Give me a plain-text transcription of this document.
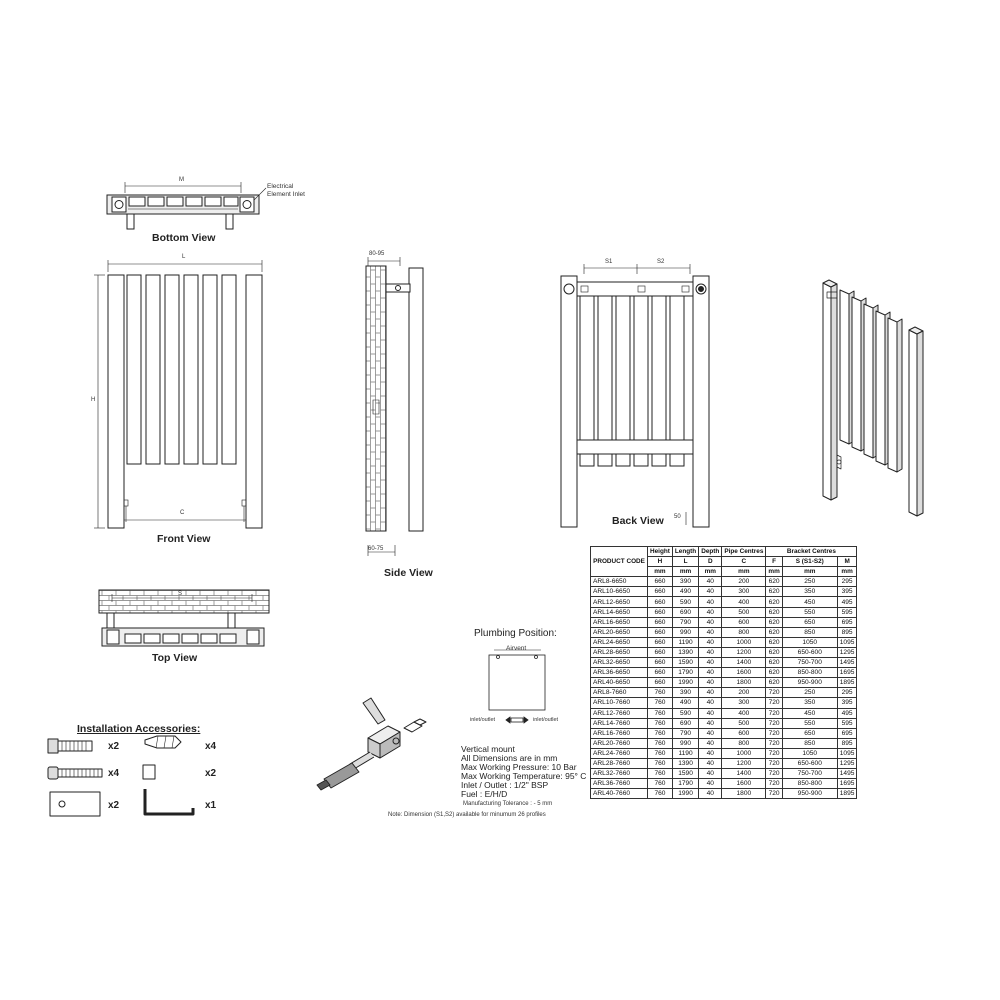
Bottom View
Front View
Side View
Back View
Top View
M
Electrical
Element Inlet
L
H
C
80-95
60-75
S1	S2
50
S
Plumbing Position:
Airvent
inlet/outlet	inlet/outlet
Vertical mount
All Dimensions are in mm
Max Working Pressure: 10 Bar
Max Working Temperature: 95° C
Inlet / Outlet : 1/2" BSP
Fuel : E/H/D
Manufacturing Tolerance : - 5 mm
Note: Dimension (S1,S2) available for minumum 26 profiles
Installation Accessories:
x2
x4
x2
x4
x2
x1
PRODUCT CODE	Height	Length	Depth	Pipe Centres	Bracket Centres		
	H	L	D	C	F	S (S1-S2)	M
	mm	mm	mm	mm	mm	mm	mm
ARL8-6650	660	390	40	200	620	250	295
ARL10-6650	660	490	40	300	620	350	395
ARL12-6650	660	590	40	400	620	450	495
ARL14-6650	660	690	40	500	620	550	595
ARL16-6650	660	790	40	600	620	650	695
ARL20-6650	660	990	40	800	620	850	895
ARL24-6650	660	1190	40	1000	620	1050	1095
ARL28-6650	660	1390	40	1200	620	650-600	1295
ARL32-6650	660	1590	40	1400	620	750-700	1495
ARL36-6650	660	1790	40	1600	620	850-800	1695
ARL40-6650	660	1990	40	1800	620	950-900	1895
ARL8-7660	760	390	40	200	720	250	295
ARL10-7660	760	490	40	300	720	350	395
ARL12-7660	760	590	40	400	720	450	495
ARL14-7660	760	690	40	500	720	550	595
ARL16-7660	760	790	40	600	720	650	695
ARL20-7660	760	990	40	800	720	850	895
ARL24-7660	760	1190	40	1000	720	1050	1095
ARL28-7660	760	1390	40	1200	720	650-600	1295
ARL32-7660	760	1590	40	1400	720	750-700	1495
ARL36-7660	760	1790	40	1600	720	850-800	1695
ARL40-7660	760	1990	40	1800	720	950-900	1895
